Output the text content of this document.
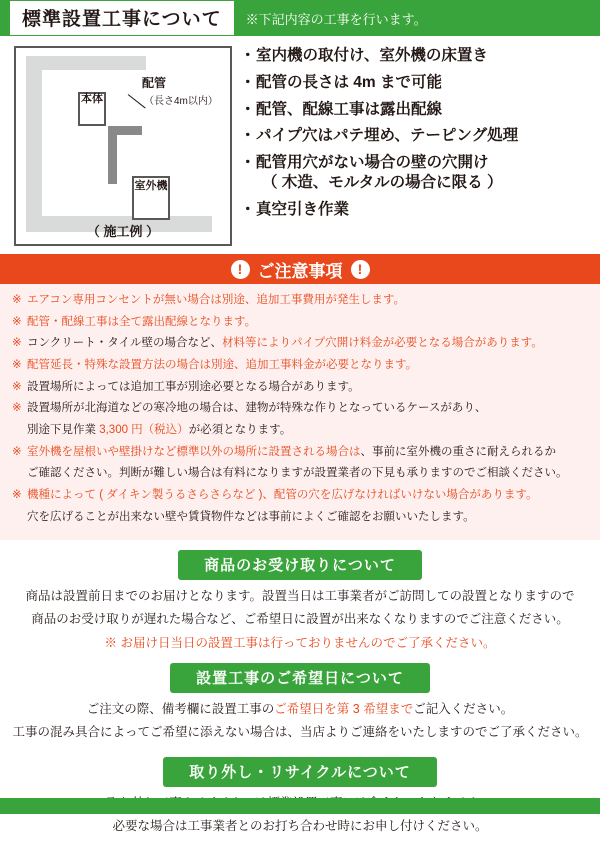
標準設置工事について	※下記内容の工事を行います。
本体
室外機
配管
（長さ4m以内）
（ 施工例 ）
・ 室内機の取付け、室外機の床置き
・ 配管の長さは 4m まで可能
・ 配管、配線工事は露出配線
・ パイプ穴はパテ埋め、テーピング処理
・ 配管用穴がない場合の壁の穴開け
（ 木造、モルタルの場合に限る ）
・ 真空引き作業
! ご注意事項	!
※ エアコン専用コンセントが無い場合は別途、追加工事費用が発生します。
※ 配管・配線工事は全て露出配線となります。
※ コンクリート・タイル壁の場合など、材料等によりパイプ穴開け料金が必要となる場合があります。
※ 配管延長・特殊な設置方法の場合は別途、追加工事料金が必要となります。
※ 設置場所によっては追加工事が別途必要となる場合があります。
※ 設置場所が北海道などの寒冷地の場合は、建物が特殊な作りとなっているケースがあり、
別途下見作業 3,300 円（税込）が必須となります。
※ 室外機を屋根いや壁掛けなど標準以外の場所に設置される場合は、事前に室外機の重さに耐えられるか
ご確認ください。判断が難しい場合は有料になりますが設置業者の下見も承りますのでご相談ください。
※ 機種によって ( ダイキン製うるさらさらなど )、配管の穴を広げなければいけない場合があります。
穴を広げることが出来ない壁や賃貸物件などは事前によくご確認をお願いいたします。
商品のお受け取りについて

商品は設置前日までのお届けとなります。設置当日は工事業者がご訪問しての設置となりますので

商品のお受け取りが遅れた場合など、ご希望日に設置が出来なくなりますのでご注意ください。

※ お届け日当日の設置工事は行っておりませんのでご了承ください。
設置工事のご希望日について

ご注文の際、備考欄に設置工事のご希望日を第 3 希望までご記入ください。

工事の混み具合によってご希望に添えない場合は、当店よりご連絡をいたしますのでご了承ください。

取り外し・リサイクルについて

必要な場合は工事業者とのお打ち合わせ時にお申し付けください。
